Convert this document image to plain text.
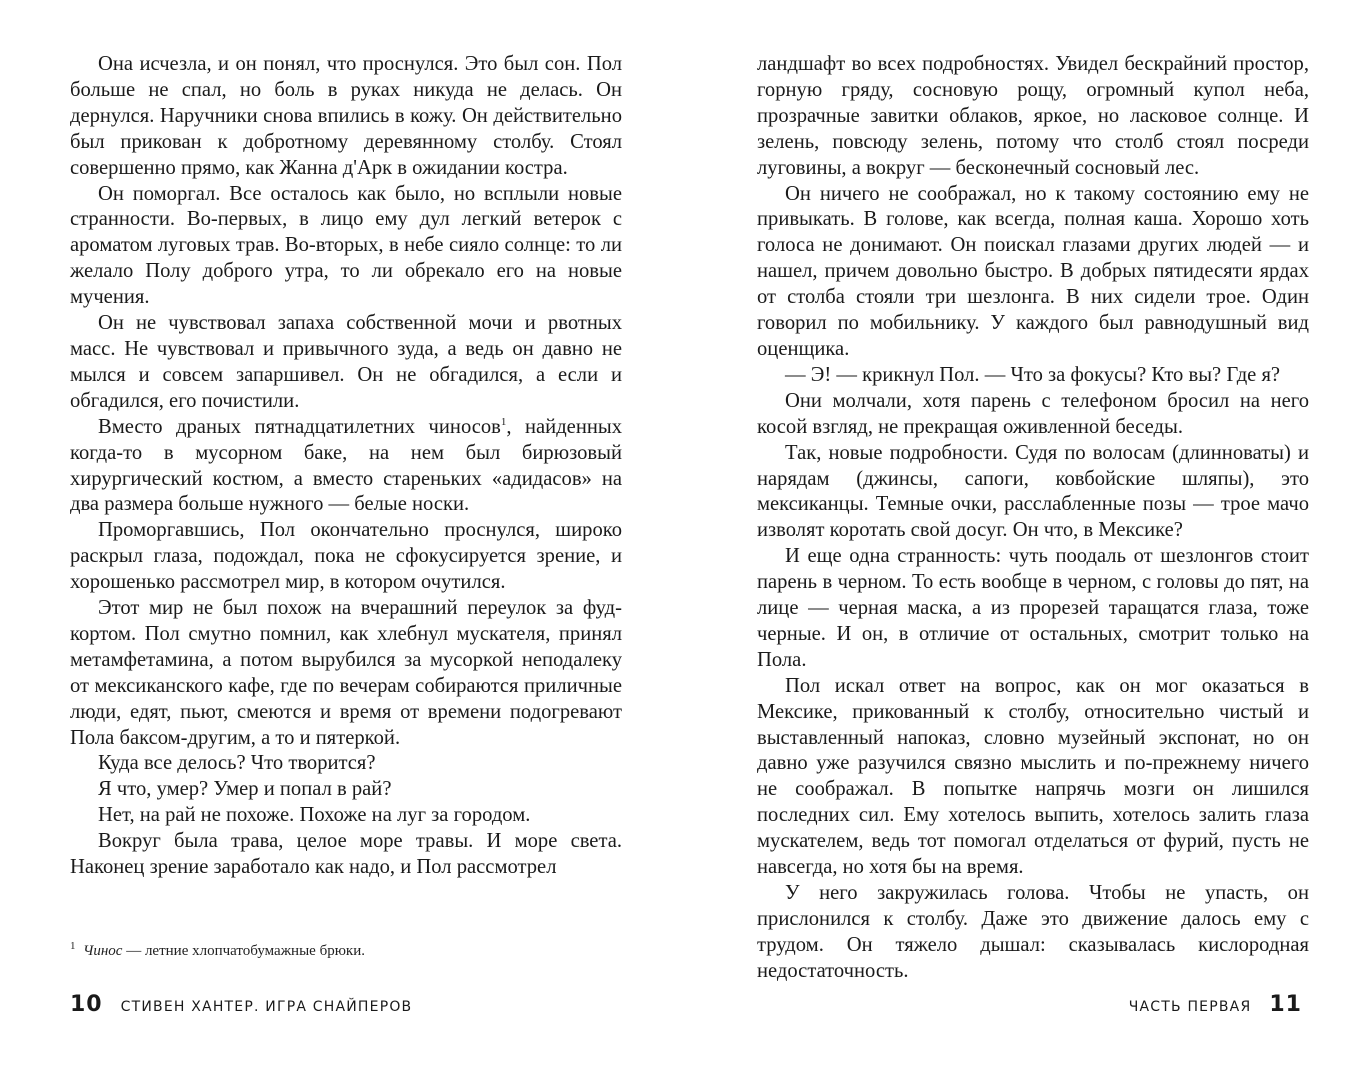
Она исчезла, и он понял, что проснулся. Это был сон. Пол больше не спал, но боль в руках никуда не делась. Он дернулся. Наручники снова впились в кожу. Он действительно был прикован к добротному деревянному столбу. Стоял совершенно прямо, как Жанна д'Арк в ожидании костра.

Он поморгал. Все осталось как было, но всплыли новые странности. Во-первых, в лицо ему дул легкий ветерок с ароматом луговых трав. Во-вторых, в небе сияло солнце: то ли желало Полу доброго утра, то ли обрекало его на новые мучения.

Он не чувствовал запаха собственной мочи и рвотных масс. Не чувствовал и привычного зуда, а ведь он давно не мылся и совсем запаршивел. Он не обгадился, а если и обгадился, его почистили.

Вместо драных пятнадцатилетних чиносов$^1$, найденных когда-то в мусорном баке, на нем был бирюзовый хирургический костюм, а вместо стареньких «адидасов» на два размера больше нужного — белые носки.

Проморгавшись, Пол окончательно проснулся, широко раскрыл глаза, подождал, пока не сфокусируется зрение, и хорошенько рассмотрел мир, в котором очутился.

Этот мир не был похож на вчерашний переулок за фуд-кортом. Пол смутно помнил, как хлебнул мускателя, принял метамфетамина, а потом вырубился за мусоркой неподалеку от мексиканского кафе, где по вечерам собираются приличные люди, едят, пьют, смеются и время от времени подогревают Пола баксом-другим, а то и пятеркой.

Куда все делось? Что творится?

Я что, умер? Умер и попал в рай?

Нет, на рай не похоже. Похоже на луг за городом.

Вокруг была трава, целое море травы. И море света. Наконец зрение заработало как надо, и Пол рассмотрел

$^1$ Чинос — летние хлопчатобумажные брюки.
10 СТИВЕН ХАНТЕР. ИГРА СНАЙПЕРОВ

ландшафт во всех подробностях. Увидел бескрайний простор, горную гряду, сосновую рощу, огромный купол неба, прозрачные завитки облаков, яркое, но ласковое солнце. И зелень, повсюду зелень, потому что столб стоял посреди луговины, а вокруг — бесконечный сосновый лес.

Он ничего не соображал, но к такому состоянию ему не привыкать. В голове, как всегда, полная каша. Хорошо хоть голоса не донимают. Он поискал глазами других людей — и нашел, причем довольно быстро. В добрых пятидесяти ярдах от столба стояли три шезлонга. В них сидели трое. Один говорил по мобильнику. У каждого был равнодушный вид оценщика.

— Э! — крикнул Пол. — Что за фокусы? Кто вы? Где я?

Они молчали, хотя парень с телефоном бросил на него косой взгляд, не прекращая оживленной беседы.

Так, новые подробности. Судя по волосам (длинноваты) и нарядам (джинсы, сапоги, ковбойские шляпы), это мексиканцы. Темные очки, расслабленные позы — трое мачо изволят коротать свой досуг. Он что, в Мексике?

И еще одна странность: чуть поодаль от шезлонгов стоит парень в черном. То есть вообще в черном, с головы до пят, на лице — черная маска, а из прорезей таращатся глаза, тоже черные. И он, в отличие от остальных, смотрит только на Пола.

Пол искал ответ на вопрос, как он мог оказаться в Мексике, прикованный к столбу, относительно чистый и выставленный напоказ, словно музейный экспонат, но он давно уже разучился связно мыслить и по-прежнему ничего не соображал. В попытке напрячь мозги он лишился последних сил. Ему хотелось выпить, хотелось залить глаза мускателем, ведь тот помогал отделаться от фурий, пусть не навсегда, но хотя бы на время.

У него закружилась голова. Чтобы не упасть, он прислонился к столбу. Даже это движение далось ему с трудом. Он тяжело дышал: сказывалась кислородная недостаточность.

ЧАСТЬ ПЕРВАЯ 11
